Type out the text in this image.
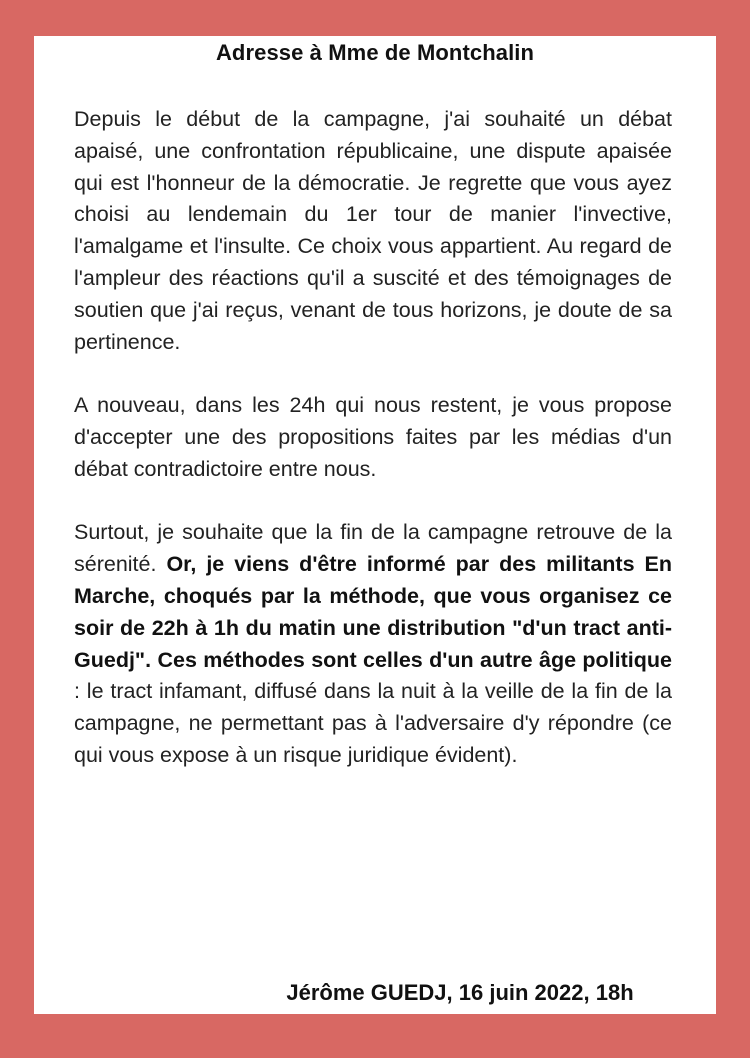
Adresse à Mme de Montchalin

Depuis le début de la campagne, j'ai souhaité un débat apaisé, une confrontation républicaine, une dispute apaisée qui est l'honneur de la démocratie. Je regrette que vous ayez choisi au lendemain du 1er tour de manier l'invective, l'amalgame et l'insulte. Ce choix vous appartient. Au regard de l'ampleur des réactions qu'il a suscité et des témoignages de soutien que j'ai reçus, venant de tous horizons, je doute de sa pertinence.

A nouveau, dans les 24h qui nous restent, je vous propose d'accepter une des propositions faites par les médias d'un débat contradictoire entre nous.

Surtout, je souhaite que la fin de la campagne retrouve de la sérenité. Or, je viens d'être informé par des militants En Marche, choqués par la méthode, que vous organisez ce soir de 22h à 1h du matin une distribution "d'un tract anti-Guedj". Ces méthodes sont celles d'un autre âge politique : le tract infamant, diffusé dans la nuit à la veille de la fin de la campagne, ne permettant pas à l'adversaire d'y répondre (ce qui vous expose à un risque juridique évident).

Jérôme GUEDJ, 16 juin 2022, 18h
